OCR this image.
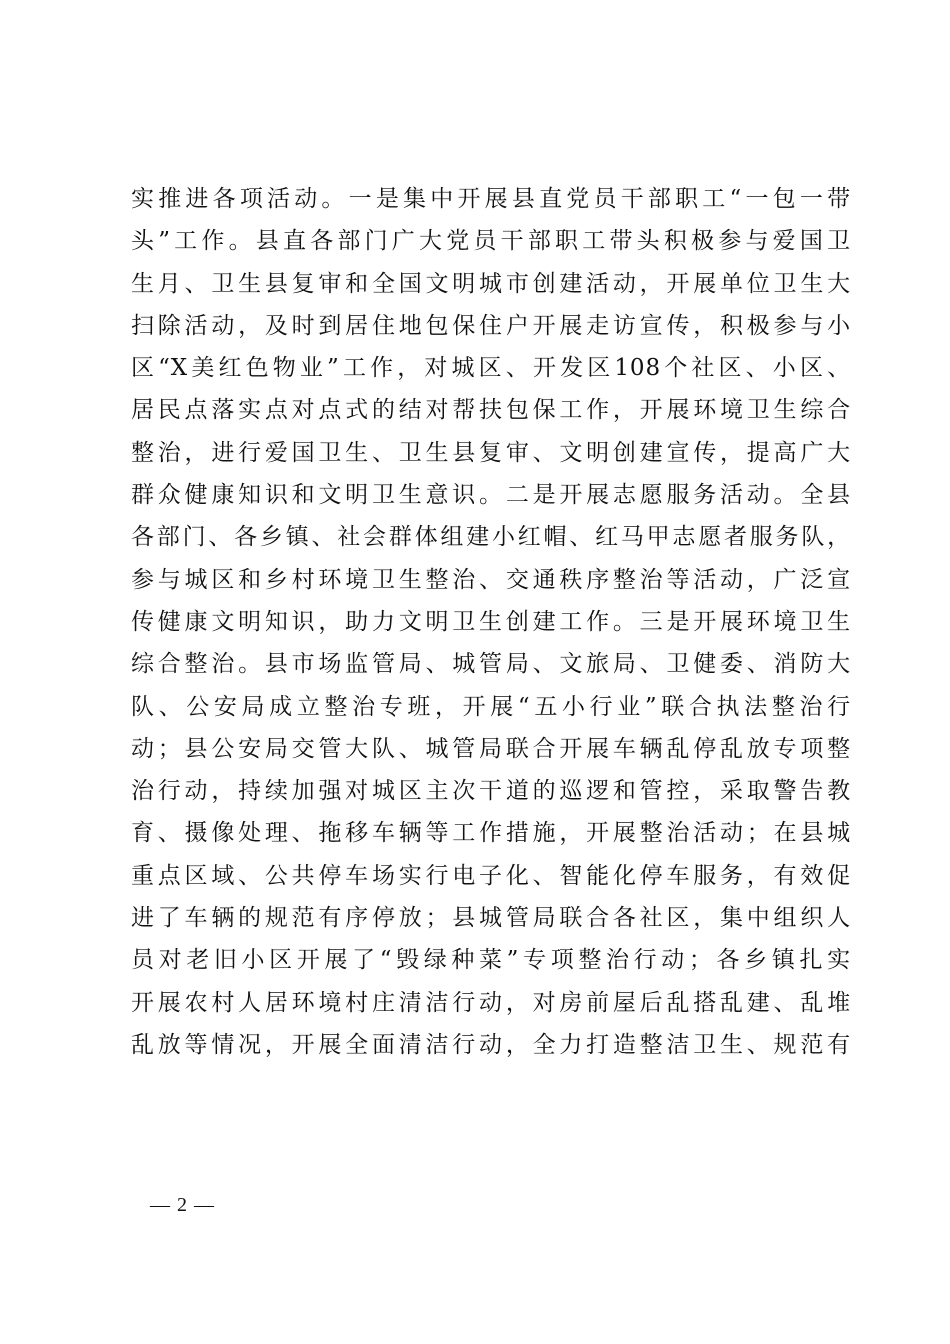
实推进各项活动。一是集中开展县直党员干部职工“一包一带
头”工作。县直各部门广大党员干部职工带头积极参与爱国卫
生月、卫生县复审和全国文明城市创建活动，开展单位卫生大
扫除活动，及时到居住地包保住户开展走访宣传，积极参与小
区“X美红色物业”工作，对城区、开发区108个社区、小区、
居民点落实点对点式的结对帮扶包保工作，开展环境卫生综合
整治，进行爱国卫生、卫生县复审、文明创建宣传，提高广大
群众健康知识和文明卫生意识。二是开展志愿服务活动。全县
各部门、各乡镇、社会群体组建小红帽、红马甲志愿者服务队，
参与城区和乡村环境卫生整治、交通秩序整治等活动，广泛宣
传健康文明知识，助力文明卫生创建工作。三是开展环境卫生
综合整治。县市场监管局、城管局、文旅局、卫健委、消防大
队、公安局成立整治专班，开展“五小行业”联合执法整治行
动；县公安局交管大队、城管局联合开展车辆乱停乱放专项整
治行动，持续加强对城区主次干道的巡逻和管控，采取警告教
育、摄像处理、拖移车辆等工作措施，开展整治活动；在县城
重点区域、公共停车场实行电子化、智能化停车服务，有效促
进了车辆的规范有序停放；县城管局联合各社区，集中组织人
员对老旧小区开展了“毁绿种菜”专项整治行动；各乡镇扎实
开展农村人居环境村庄清洁行动，对房前屋后乱搭乱建、乱堆
乱放等情况，开展全面清洁行动，全力打造整洁卫生、规范有
— 2 —
